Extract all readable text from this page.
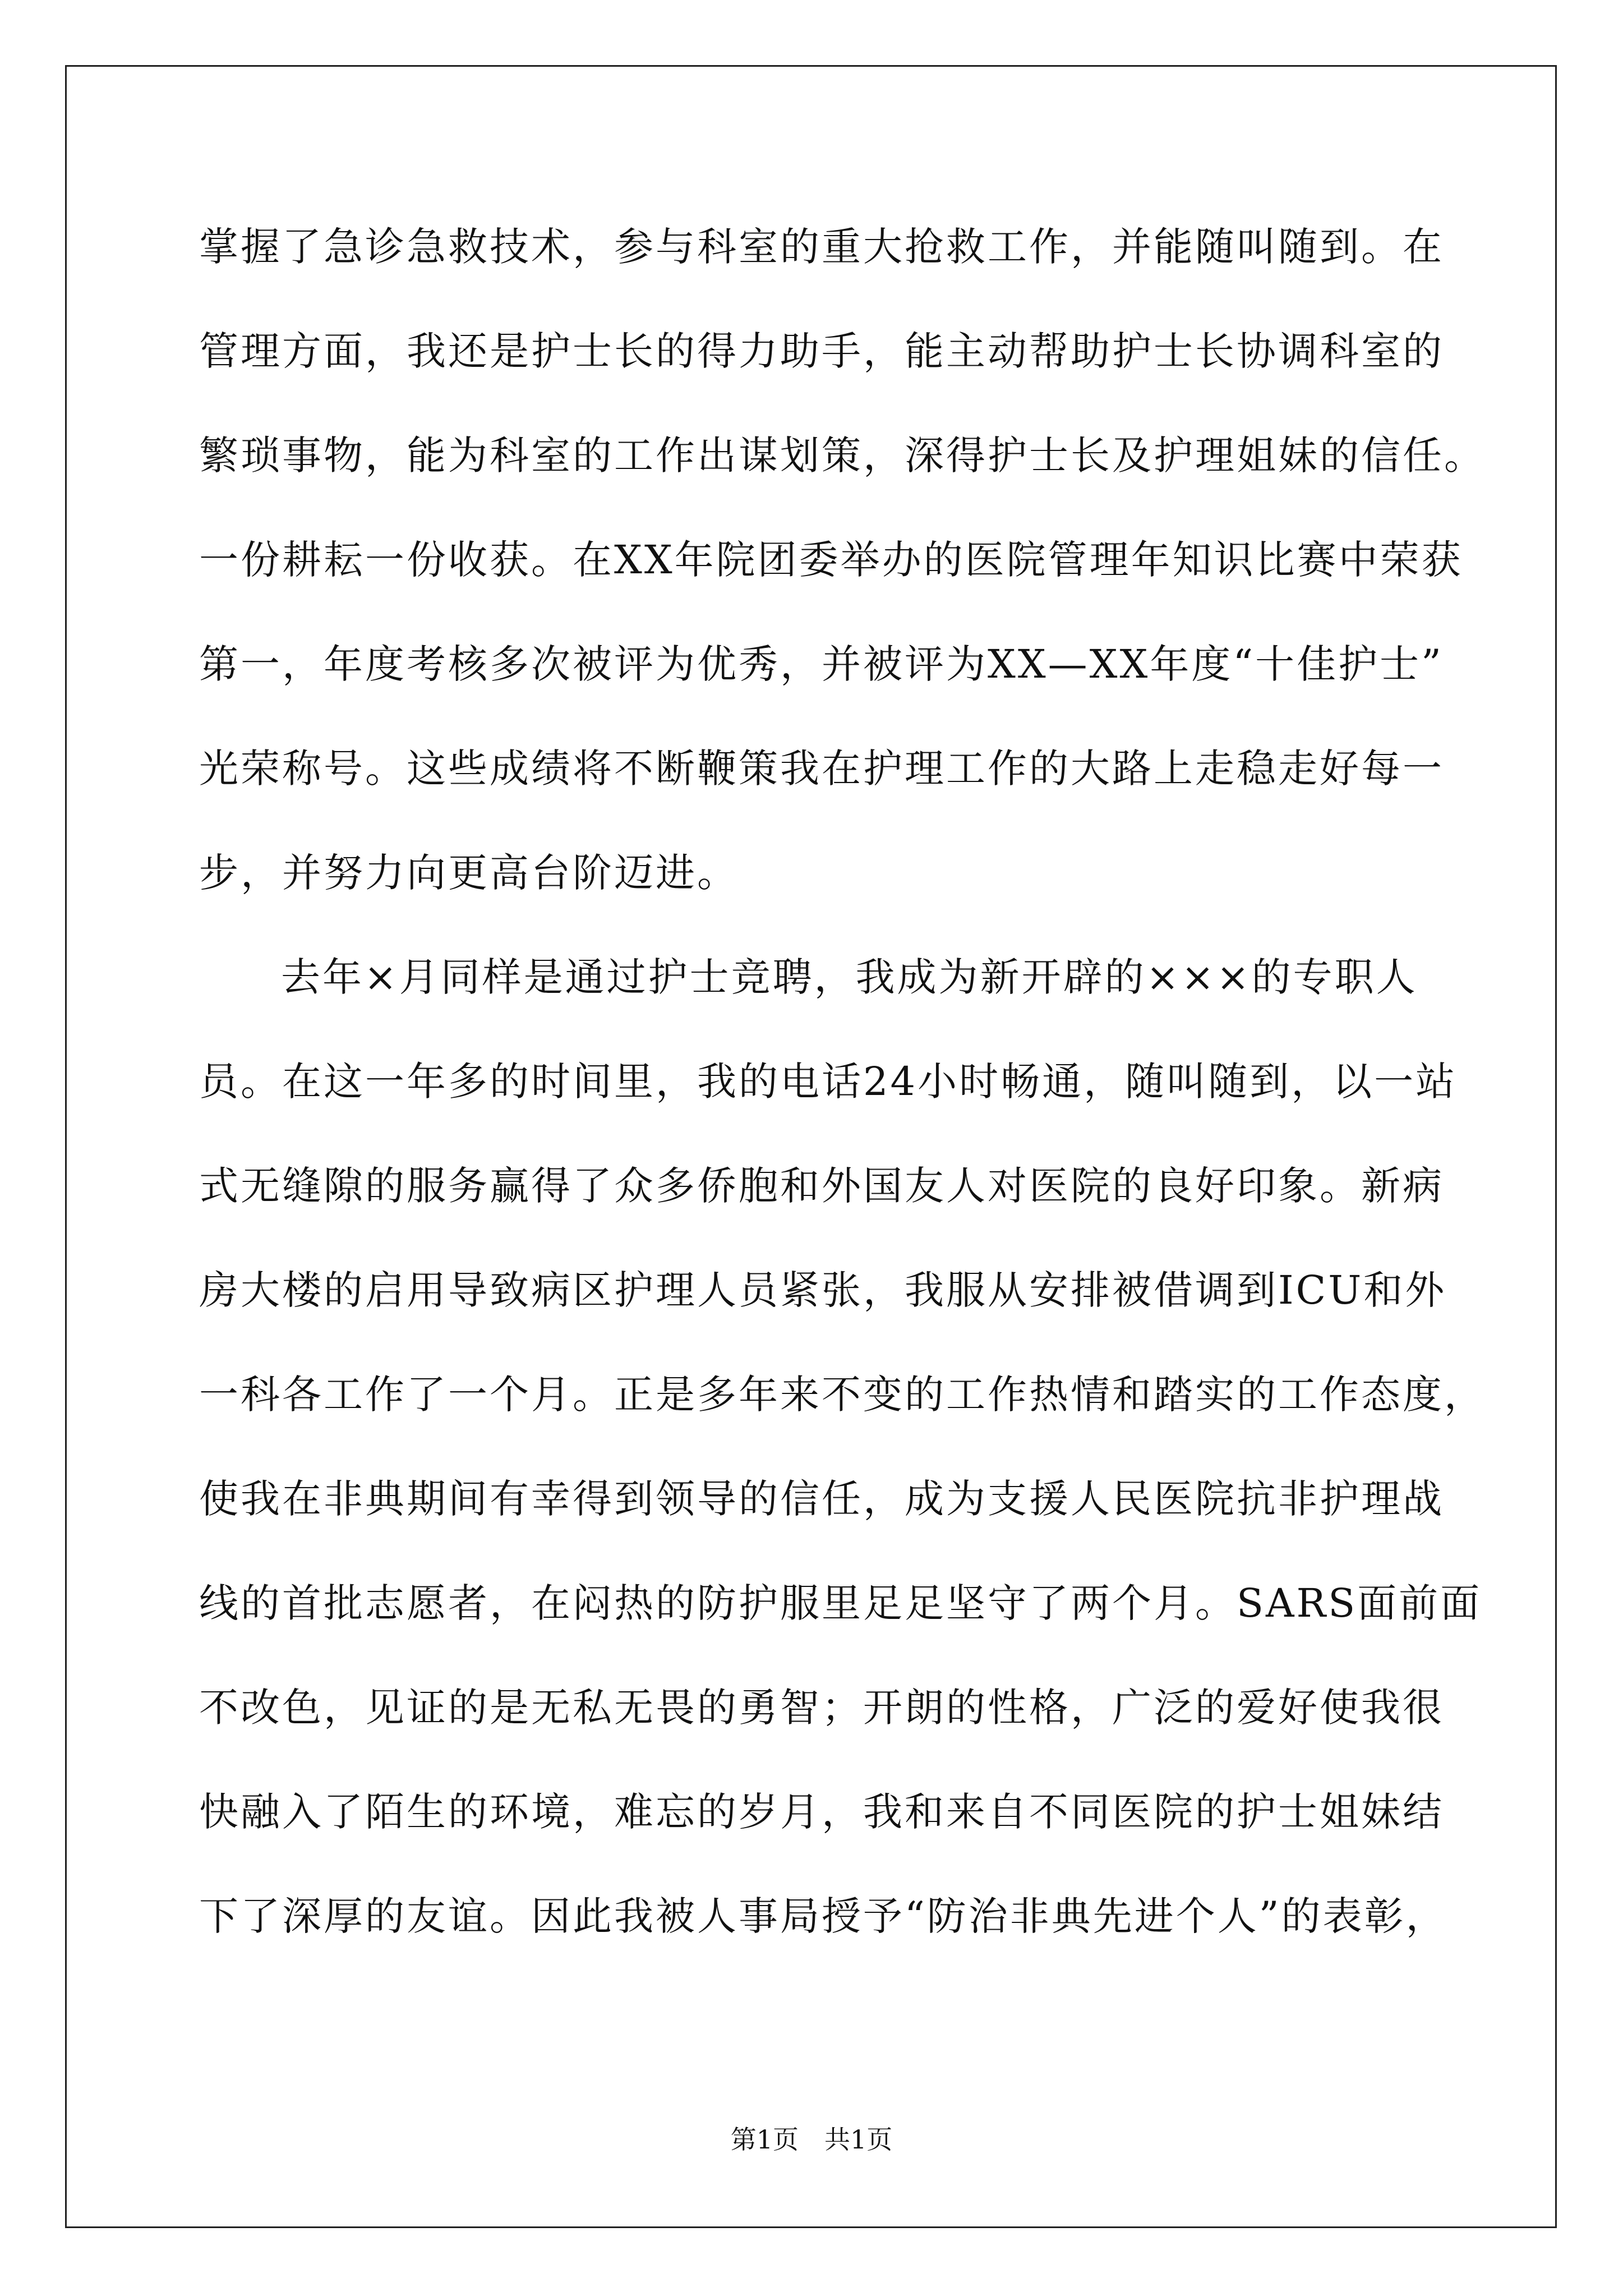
掌握了急诊急救技术，参与科室的重大抢救工作，并能随叫随到。在
管理方面，我还是护士长的得力助手，能主动帮助护士长协调科室的
繁琐事物，能为科室的工作出谋划策，深得护士长及护理姐妹的信任。
一份耕耘一份收获。在XX年院团委举办的医院管理年知识比赛中荣获
第一，年度考核多次被评为优秀，并被评为XX—XX年度“十佳护士”
光荣称号。这些成绩将不断鞭策我在护理工作的大路上走稳走好每一
步，并努力向更高台阶迈进。
去年×月同样是通过护士竞聘，我成为新开辟的×××的专职人
员。在这一年多的时间里，我的电话24小时畅通，随叫随到，以一站
式无缝隙的服务赢得了众多侨胞和外国友人对医院的良好印象。新病
房大楼的启用导致病区护理人员紧张，我服从安排被借调到ICU和外
一科各工作了一个月。正是多年来不变的工作热情和踏实的工作态度，
使我在非典期间有幸得到领导的信任，成为支援人民医院抗非护理战
线的首批志愿者，在闷热的防护服里足足坚守了两个月。SARS面前面
不改色，见证的是无私无畏的勇智；开朗的性格，广泛的爱好使我很
快融入了陌生的环境，难忘的岁月，我和来自不同医院的护士姐妹结
下了深厚的友谊。因此我被人事局授予“防治非典先进个人”的表彰，
第1页　共1页
